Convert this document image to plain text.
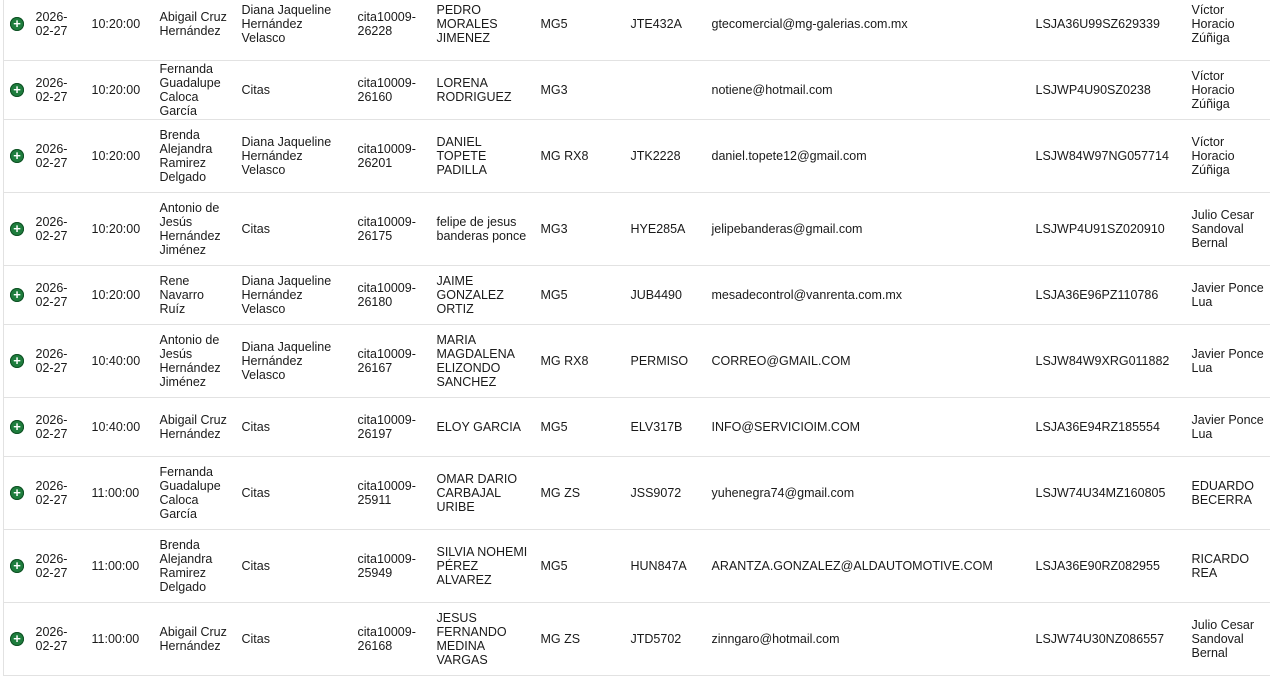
+	2026-02-27	10:20:00	Abigail Cruz Hernández	Diana Jaqueline Hernández Velasco	cita10009-26228	PEDRO MORALES JIMENEZ	MG5	JTE432A	gtecomercial@mg-galerias.com.mx	LSJA36U99SZ629339	Víctor Horacio Zúñiga
+	2026-02-27	10:20:00	Fernanda Guadalupe Caloca García	Citas	cita10009-26160	LORENA RODRIGUEZ	MG3		notiene@hotmail.com	LSJWP4U90SZ0238	Víctor Horacio Zúñiga
+	2026-02-27	10:20:00	Brenda Alejandra Ramirez Delgado	Diana Jaqueline Hernández Velasco	cita10009-26201	DANIEL TOPETE PADILLA	MG RX8	JTK2228	daniel.topete12@gmail.com	LSJW84W97NG057714	Víctor Horacio Zúñiga
+	2026-02-27	10:20:00	Antonio de Jesús Hernández Jiménez	Citas	cita10009-26175	felipe de jesus banderas ponce	MG3	HYE285A	jelipebanderas@gmail.com	LSJWP4U91SZ020910	Julio Cesar Sandoval Bernal
+	2026-02-27	10:20:00	Rene Navarro Ruíz	Diana Jaqueline Hernández Velasco	cita10009-26180	JAIME GONZALEZ ORTIZ	MG5	JUB4490	mesadecontrol@vanrenta.com.mx	LSJA36E96PZ110786	Javier Ponce Lua
+	2026-02-27	10:40:00	Antonio de Jesús Hernández Jiménez	Diana Jaqueline Hernández Velasco	cita10009-26167	MARIA MAGDALENA ELIZONDO SANCHEZ	MG RX8	PERMISO	CORREO@GMAIL.COM	LSJW84W9XRG011882	Javier Ponce Lua
+	2026-02-27	10:40:00	Abigail Cruz Hernández	Citas	cita10009-26197	ELOY GARCIA	MG5	ELV317B	INFO@SERVICIOIM.COM	LSJA36E94RZ185554	Javier Ponce Lua
+	2026-02-27	11:00:00	Fernanda Guadalupe Caloca García	Citas	cita10009-25911	OMAR DARIO CARBAJAL URIBE	MG ZS	JSS9072	yuhenegra74@gmail.com	LSJW74U34MZ160805	EDUARDO BECERRA
+	2026-02-27	11:00:00	Brenda Alejandra Ramirez Delgado	Citas	cita10009-25949	SILVIA NOHEMI PÉREZ ALVAREZ	MG5	HUN847A	ARANTZA.GONZALEZ@ALDAUTOMOTIVE.COM	LSJA36E90RZ082955	RICARDO REA
+	2026-02-27	11:00:00	Abigail Cruz Hernández	Citas	cita10009-26168	JESUS FERNANDO MEDINA VARGAS	MG ZS	JTD5702	zinngaro@hotmail.com	LSJW74U30NZ086557	Julio Cesar Sandoval Bernal
